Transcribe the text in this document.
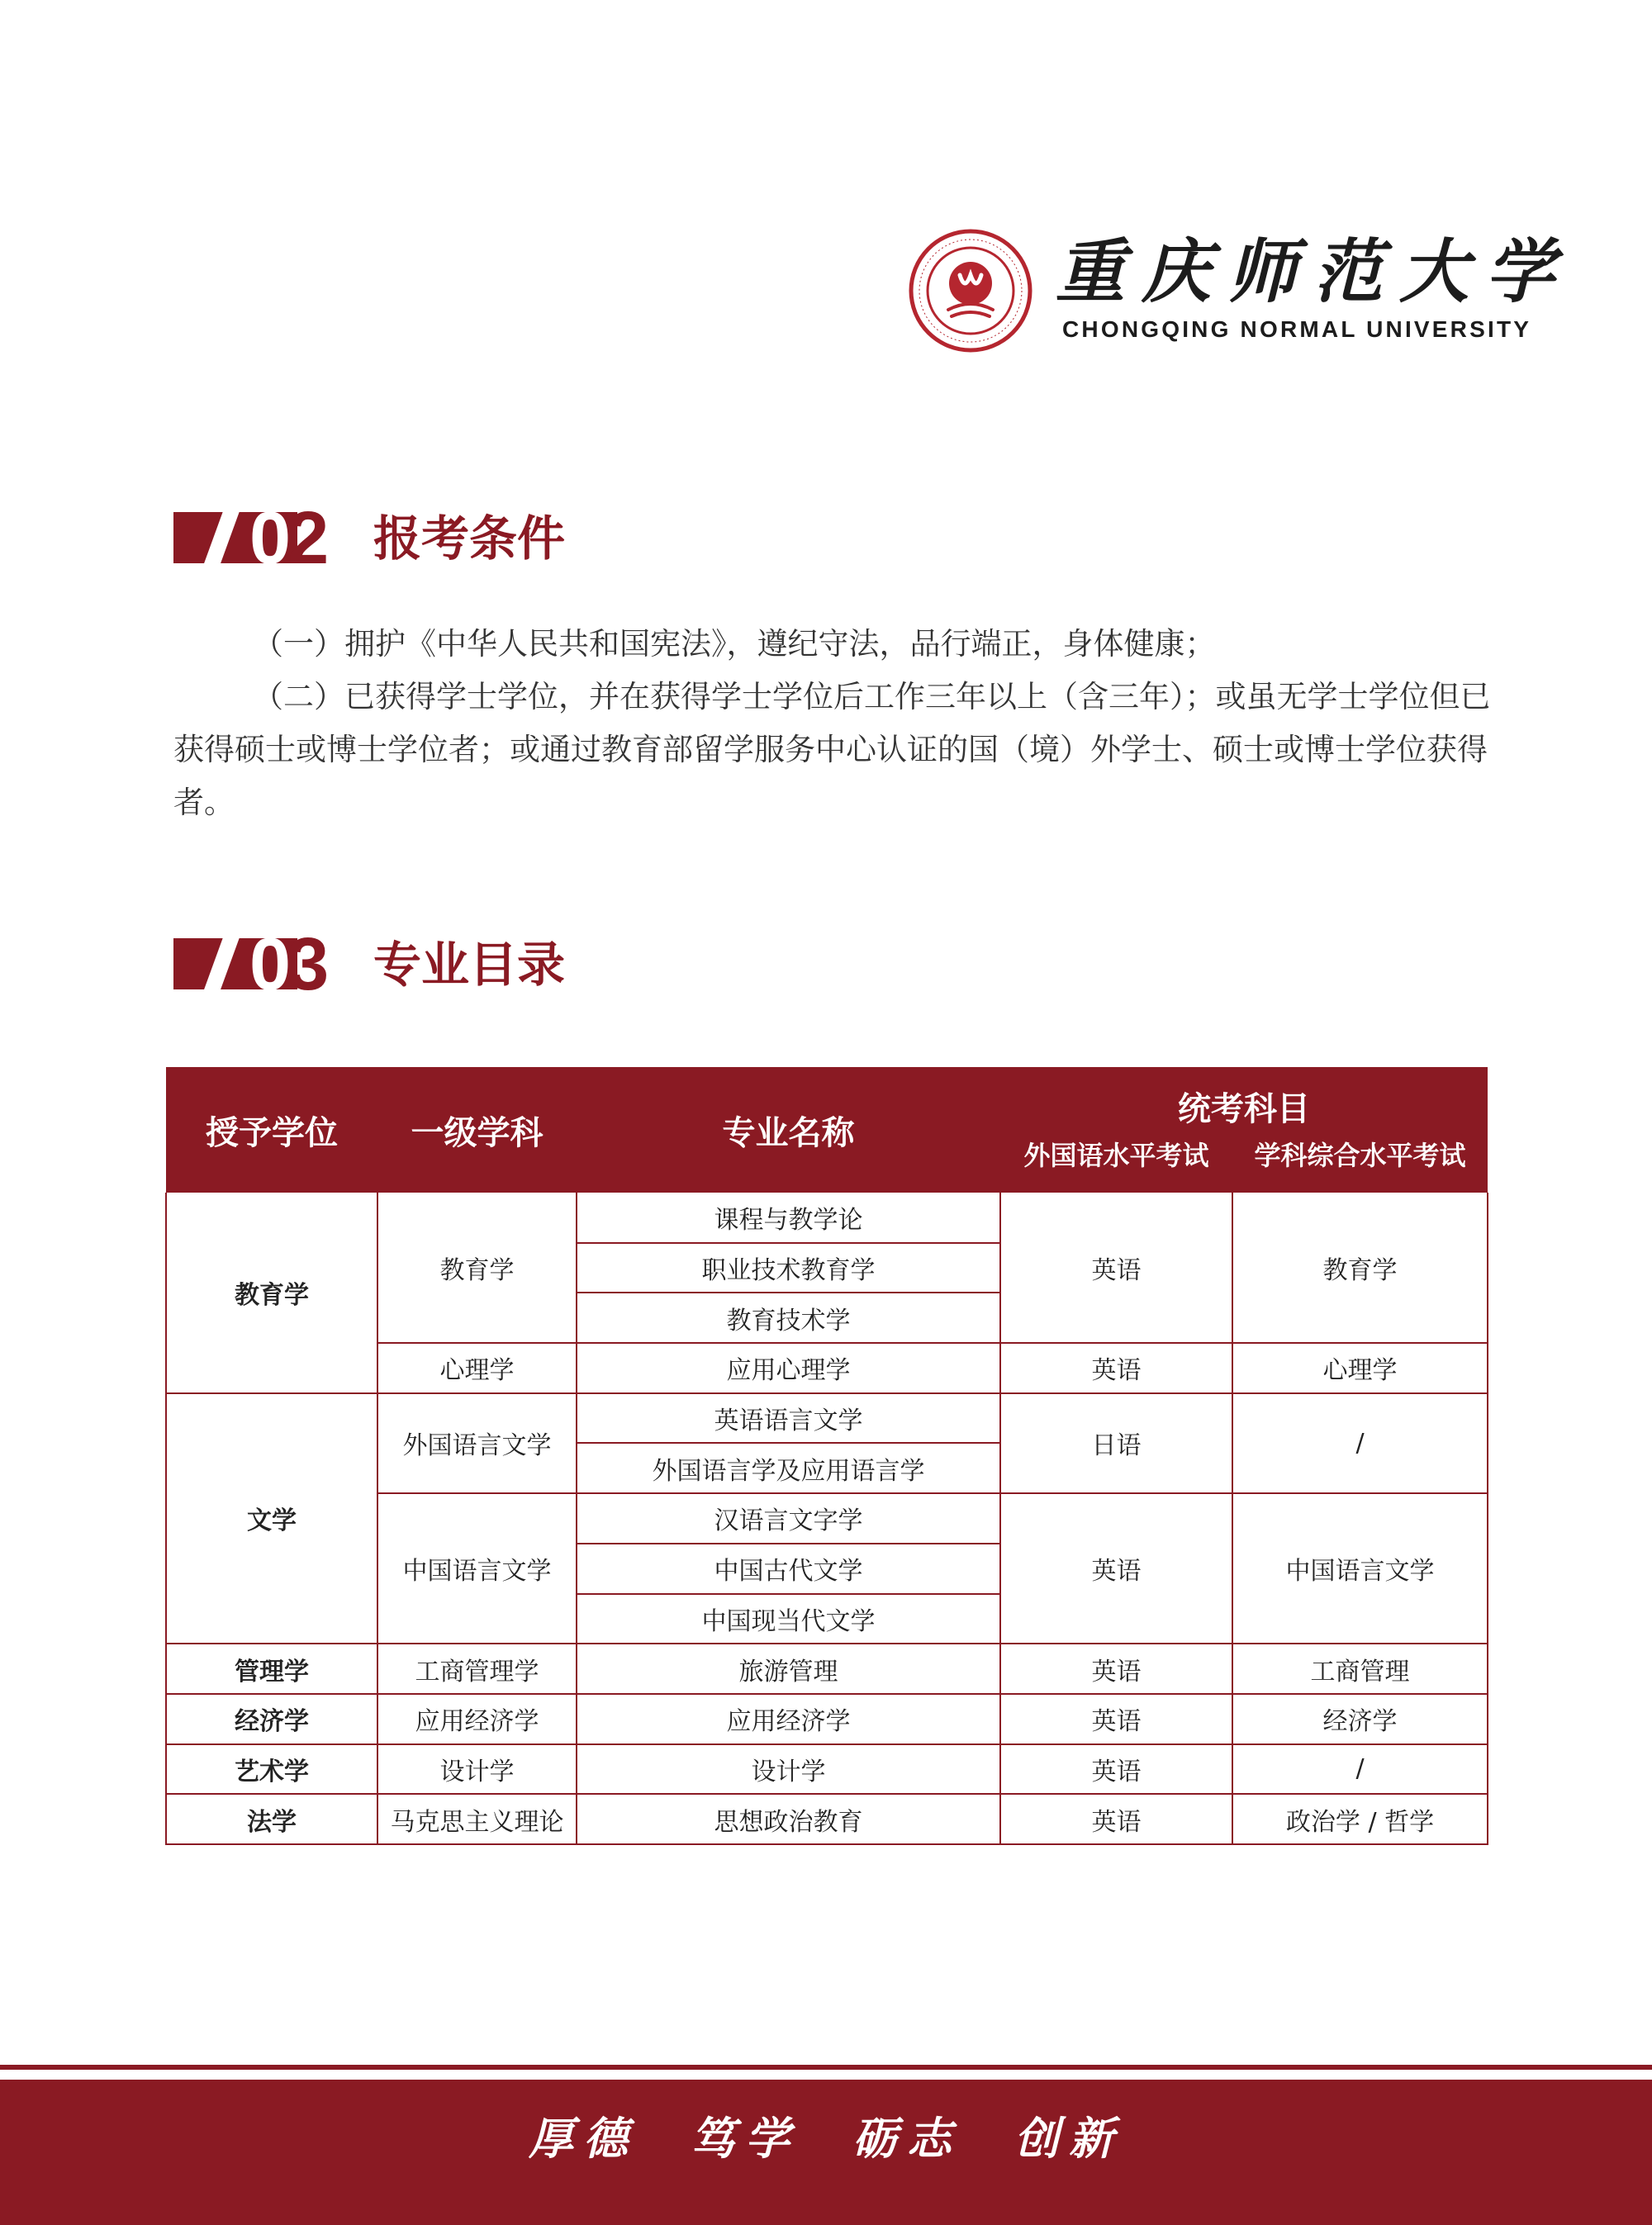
重庆师范大学
CHONGQING NORMAL UNIVERSITY
02 报考条件

（一）拥护《中华人民共和国宪法》，遵纪守法，品行端正，身体健康；

（二）已获得学士学位，并在获得学士学位后工作三年以上（含三年）；或虽无学士学位但已获得硕士或博士学位者；或通过教育部留学服务中心认证的国（境）外学士、硕士或博士学位获得者。

03 专业目录
授予学位	一级学科	专业名称	统考科目	
			外国语水平考试	学科综合水平考试
教育学	教育学	课程与教学论	英语	教育学
		职业技术教育学		
		教育技术学		
	心理学	应用心理学	英语	心理学
文学	外国语言文学	英语语言文学	日语	/
		外国语言学及应用语言学		
	中国语言文学	汉语言文字学	英语	中国语言文学
		中国古代文学		
		中国现当代文学		
管理学	工商管理学	旅游管理	英语	工商管理
经济学	应用经济学	应用经济学	英语	经济学
艺术学	设计学	设计学	英语	/
法学	马克思主义理论	思想政治教育	英语	政治学 / 哲学
厚德 笃学 砺志 创新
